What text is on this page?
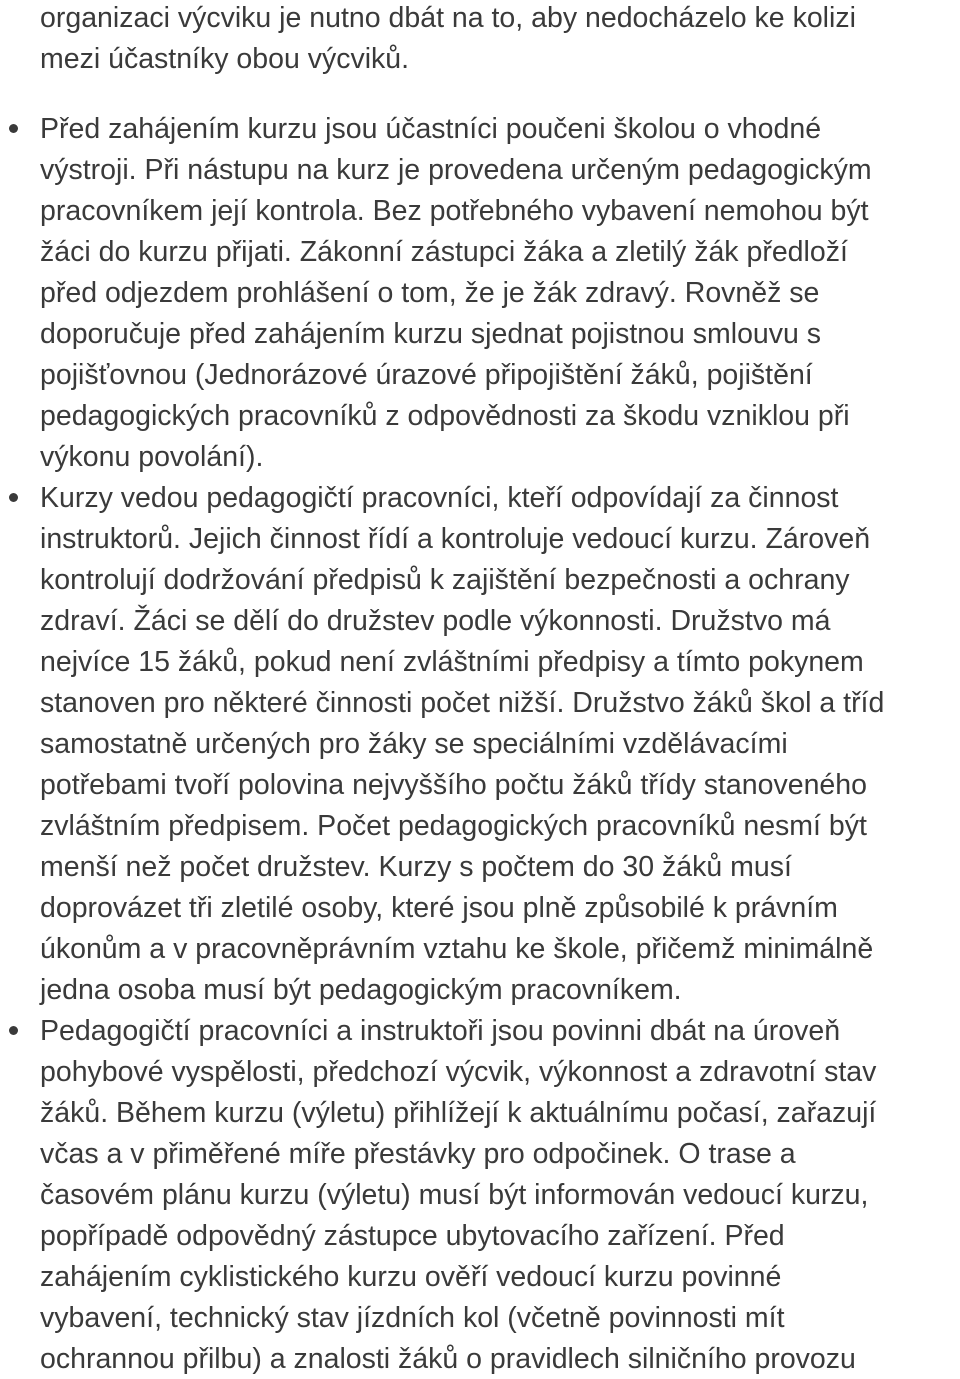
organizaci výcviku je nutno dbát na to, aby nedocházelo ke kolizi
mezi účastníky obou výcviků.
Před zahájením kurzu jsou účastníci poučeni školou o vhodné
výstroji. Při nástupu na kurz je provedena určeným pedagogickým
pracovníkem její kontrola. Bez potřebného vybavení nemohou být
žáci do kurzu přijati. Zákonní zástupci žáka a zletilý žák předloží
před odjezdem prohlášení o tom, že je žák zdravý. Rovněž se
doporučuje před zahájením kurzu sjednat pojistnou smlouvu s
pojišťovnou (Jednorázové úrazové připojištění žáků, pojištění
pedagogických pracovníků z odpovědnosti za škodu vzniklou při
výkonu povolání).
Kurzy vedou pedagogičtí pracovníci, kteří odpovídají za činnost
instruktorů. Jejich činnost řídí a kontroluje vedoucí kurzu. Zároveň
kontrolují dodržování předpisů k zajištění bezpečnosti a ochrany
zdraví. Žáci se dělí do družstev podle výkonnosti. Družstvo má
nejvíce 15 žáků, pokud není zvláštními předpisy a tímto pokynem
stanoven pro některé činnosti počet nižší. Družstvo žáků škol a tříd
samostatně určených pro žáky se speciálními vzdělávacími
potřebami tvoří polovina nejvyššího počtu žáků třídy stanoveného
zvláštním předpisem. Počet pedagogických pracovníků nesmí být
menší než počet družstev. Kurzy s počtem do 30 žáků musí
doprovázet tři zletilé osoby, které jsou plně způsobilé k právním
úkonům a v pracovněprávním vztahu ke škole, přičemž minimálně
jedna osoba musí být pedagogickým pracovníkem.
Pedagogičtí pracovníci a instruktoři jsou povinni dbát na úroveň
pohybové vyspělosti, předchozí výcvik, výkonnost a zdravotní stav
žáků. Během kurzu (výletu) přihlížejí k aktuálnímu počasí, zařazují
včas a v přiměřené míře přestávky pro odpočinek. O trase a
časovém plánu kurzu (výletu) musí být informován vedoucí kurzu,
popřípadě odpovědný zástupce ubytovacího zařízení. Před
zahájením cyklistického kurzu ověří vedoucí kurzu povinné
vybavení, technický stav jízdních kol (včetně povinnosti mít
ochrannou přilbu) a znalosti žáků o pravidlech silničního provozu
